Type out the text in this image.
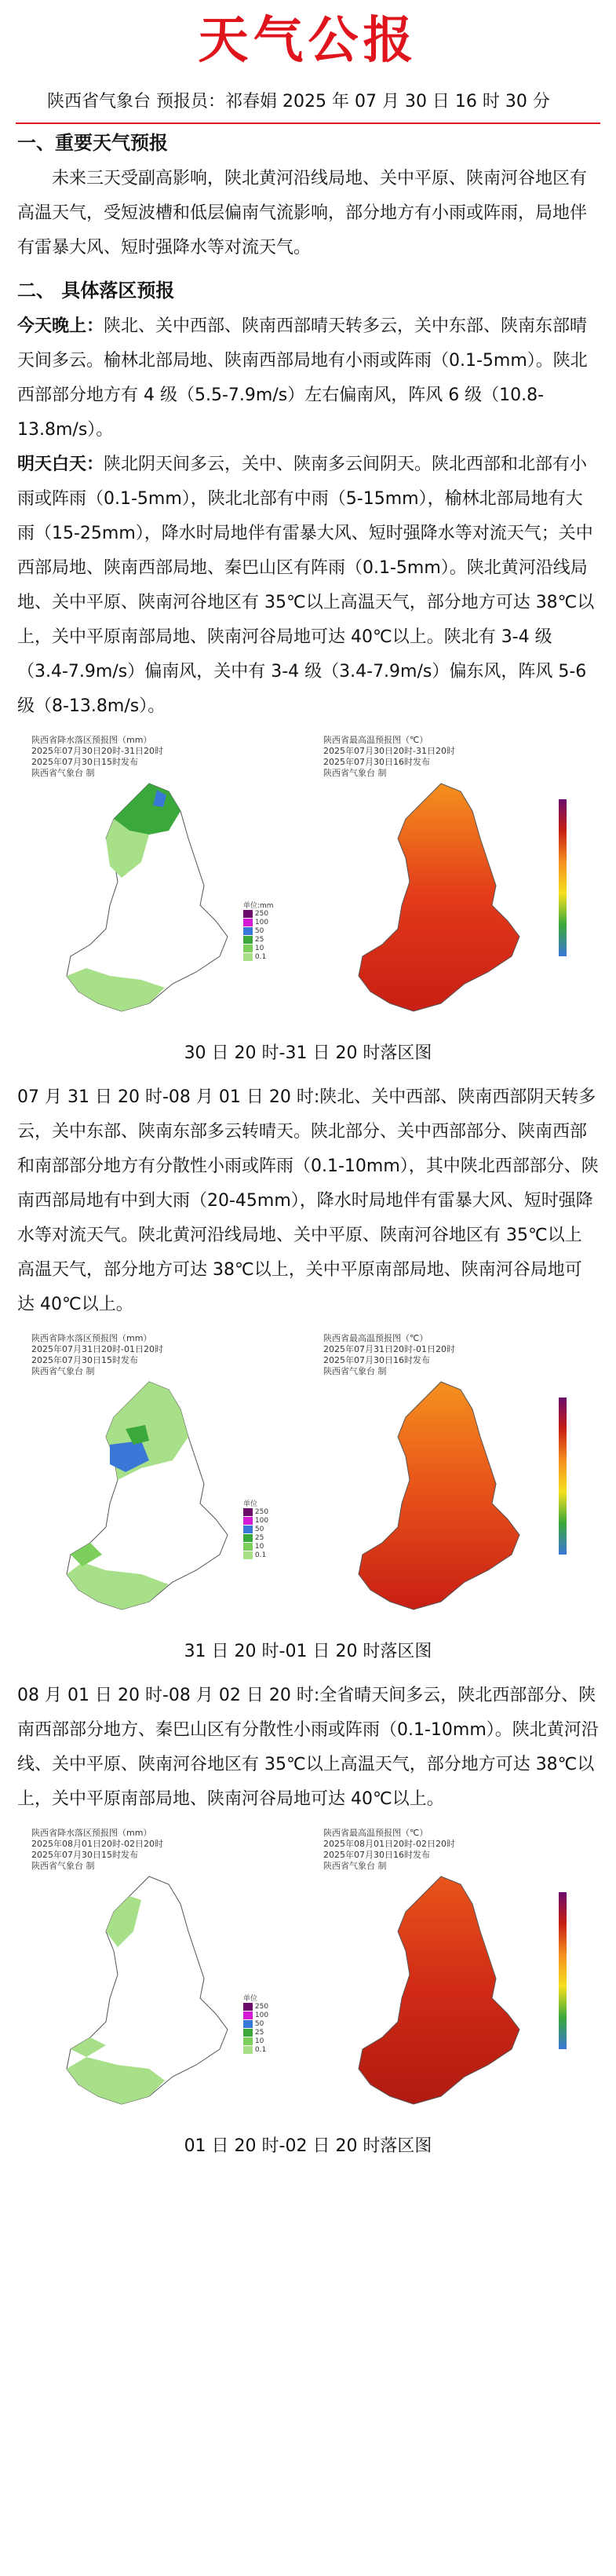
天气公报
陕西省气象台 预报员：祁春娟 2025 年 07 月 30 日 16 时 30 分

一、重要天气预报

未来三天受副高影响，陕北黄河沿线局地、关中平原、陕南河谷地区有高温天气，受短波槽和低层偏南气流影响，部分地方有小雨或阵雨，局地伴有雷暴大风、短时强降水等对流天气。

二、 具体落区预报

今天晚上：陕北、关中西部、陕南西部晴天转多云，关中东部、陕南东部晴天间多云。榆林北部局地、陕南西部局地有小雨或阵雨（0.1-5mm）。陕北西部部分地方有 4 级（5.5-7.9m/s）左右偏南风，阵风 6 级（10.8-13.8m/s）。

明天白天：陕北阴天间多云，关中、陕南多云间阴天。陕北西部和北部有小雨或阵雨（0.1-5mm），陕北北部有中雨（5-15mm），榆林北部局地有大雨（15-25mm），降水时局地伴有雷暴大风、短时强降水等对流天气；关中西部局地、陕南西部局地、秦巴山区有阵雨（0.1-5mm）。陕北黄河沿线局地、关中平原、陕南河谷地区有 35℃以上高温天气，部分地方可达 38℃以上，关中平原南部局地、陕南河谷局地可达 40℃以上。陕北有 3-4 级（3.4-7.9m/s）偏南风，关中有 3-4 级（3.4-7.9m/s）偏东风，阵风 5-6 级（8-13.8m/s）。

陕西省降水落区预报图（mm）
2025年07月30日20时-31日20时
2025年07月30日15时发布
陕西省气象台 制
单位:mm

250

100

50

25

10

0.1
陕西省最高温预报图（℃）
2025年07月30日20时-31日20时
2025年07月30日16时发布
陕西省气象台 制
30 日 20 时-31 日 20 时落区图

07 月 31 日 20 时-08 月 01 日 20 时:陕北、关中西部、陕南西部阴天转多云，关中东部、陕南东部多云转晴天。陕北部分、关中西部部分、陕南西部和南部部分地方有分散性小雨或阵雨（0.1-10mm），其中陕北西部部分、陕南西部局地有中到大雨（20-45mm），降水时局地伴有雷暴大风、短时强降水等对流天气。陕北黄河沿线局地、关中平原、陕南河谷地区有 35℃以上高温天气，部分地方可达 38℃以上，关中平原南部局地、陕南河谷局地可达 40℃以上。

陕西省降水落区预报图（mm）
2025年07月31日20时-01日20时
2025年07月30日15时发布
陕西省气象台 制
单位

250

100

50

25

10

0.1
陕西省最高温预报图（℃）
2025年07月31日20时-01日20时
2025年07月30日16时发布
陕西省气象台 制
31 日 20 时-01 日 20 时落区图

08 月 01 日 20 时-08 月 02 日 20 时:全省晴天间多云，陕北西部部分、陕南西部部分地方、秦巴山区有分散性小雨或阵雨（0.1-10mm）。陕北黄河沿线、关中平原、陕南河谷地区有 35℃以上高温天气，部分地方可达 38℃以上，关中平原南部局地、陕南河谷局地可达 40℃以上。

陕西省降水落区预报图（mm）
2025年08月01日20时-02日20时
2025年07月30日15时发布
陕西省气象台 制
单位

250

100

50

25

10

0.1
陕西省最高温预报图（℃）
2025年08月01日20时-02日20时
2025年07月30日16时发布
陕西省气象台 制
01 日 20 时-02 日 20 时落区图
